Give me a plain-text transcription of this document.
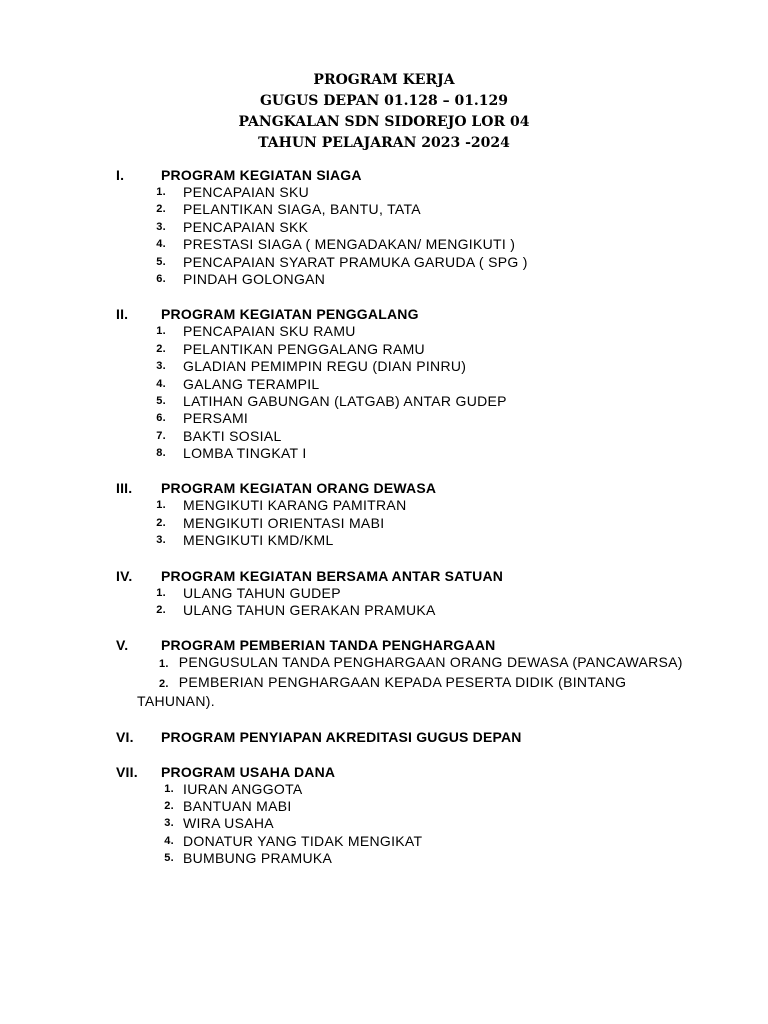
PROGRAM KERJA
GUGUS DEPAN 01.128 – 01.129
PANGKALAN SDN SIDOREJO LOR 04
TAHUN PELAJARAN 2023 -2024
I.	PROGRAM KEGIATAN SIAGA
1. PENCAPAIAN SKU
2. PELANTIKAN SIAGA, BANTU, TATA
3. PENCAPAIAN SKK
4. PRESTASI SIAGA ( MENGADAKAN/ MENGIKUTI )
5. PENCAPAIAN SYARAT PRAMUKA GARUDA ( SPG )
6. PINDAH GOLONGAN
II. PROGRAM KEGIATAN PENGGALANG
1. PENCAPAIAN SKU RAMU
2. PELANTIKAN PENGGALANG RAMU
3. GLADIAN PEMIMPIN REGU (DIAN PINRU)
4. GALANG TERAMPIL
5. LATIHAN GABUNGAN (LATGAB) ANTAR GUDEP
6. PERSAMI
7. BAKTI SOSIAL
8. LOMBA TINGKAT I
III. PROGRAM KEGIATAN ORANG DEWASA
1. MENGIKUTI KARANG PAMITRAN
2. MENGIKUTI ORIENTASI MABI
3. MENGIKUTI KMD/KML
IV. PROGRAM KEGIATAN BERSAMA ANTAR SATUAN
1. ULANG TAHUN GUDEP
2. ULANG TAHUN GERAKAN PRAMUKA
V. PROGRAM PEMBERIAN TANDA PENGHARGAAN
1. PENGUSULAN TANDA PENGHARGAAN ORANG DEWASA (PANCAWARSA)
2. PEMBERIAN PENGHARGAAN KEPADA PESERTA DIDIK (BINTANG TAHUNAN).
VI. PROGRAM PENYIAPAN AKREDITASI GUGUS DEPAN
VII. PROGRAM USAHA DANA
1. IURAN ANGGOTA
2. BANTUAN MABI
3. WIRA USAHA
4. DONATUR YANG TIDAK MENGIKAT
5. BUMBUNG PRAMUKA
